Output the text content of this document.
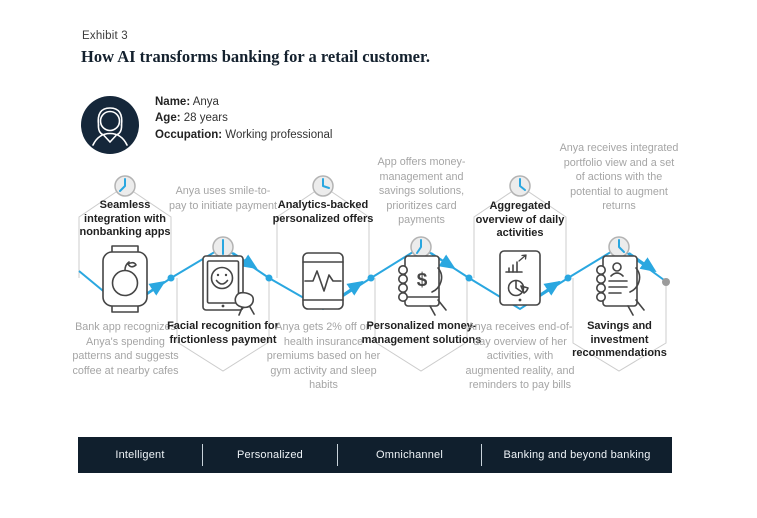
Exhibit 3
How AI transforms banking for a retail customer.
Name: Anya
Age: 28 years
Occupation: Working professional
$
Seamless integration with nonbanking apps
Bank app recognizes Anya's spending patterns and suggests coffee at nearby cafes
Anya uses smile-to-pay to initiate payment
Facial recognition for frictionless payment
Analytics-backed personalized offers
Anya gets 2% off on health insurance premiums based on her gym activity and sleep habits
App offers money-management and savings solutions, prioritizes card payments
Personalized money-management solutions
Aggregated overview of daily activities
Anya receives end-of-day overview of her activities, with augmented reality, and reminders to pay bills
Anya receives integrated portfolio view and a set of actions with the potential to augment returns
Savings and investment recommendations
Intelligent	Personalized	Omnichannel	Banking and beyond banking
